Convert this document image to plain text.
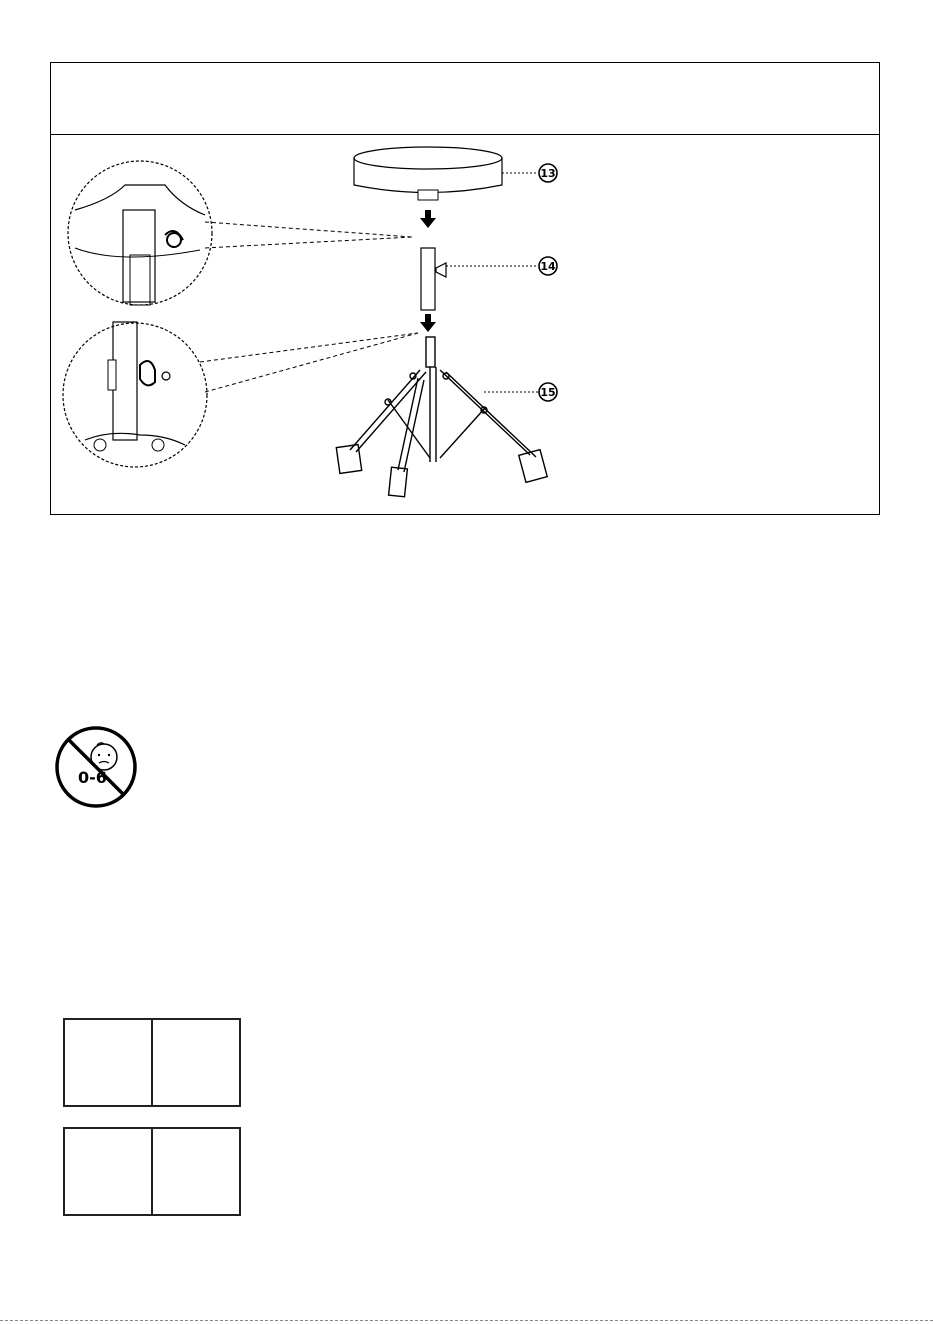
13
14
15
0-6
